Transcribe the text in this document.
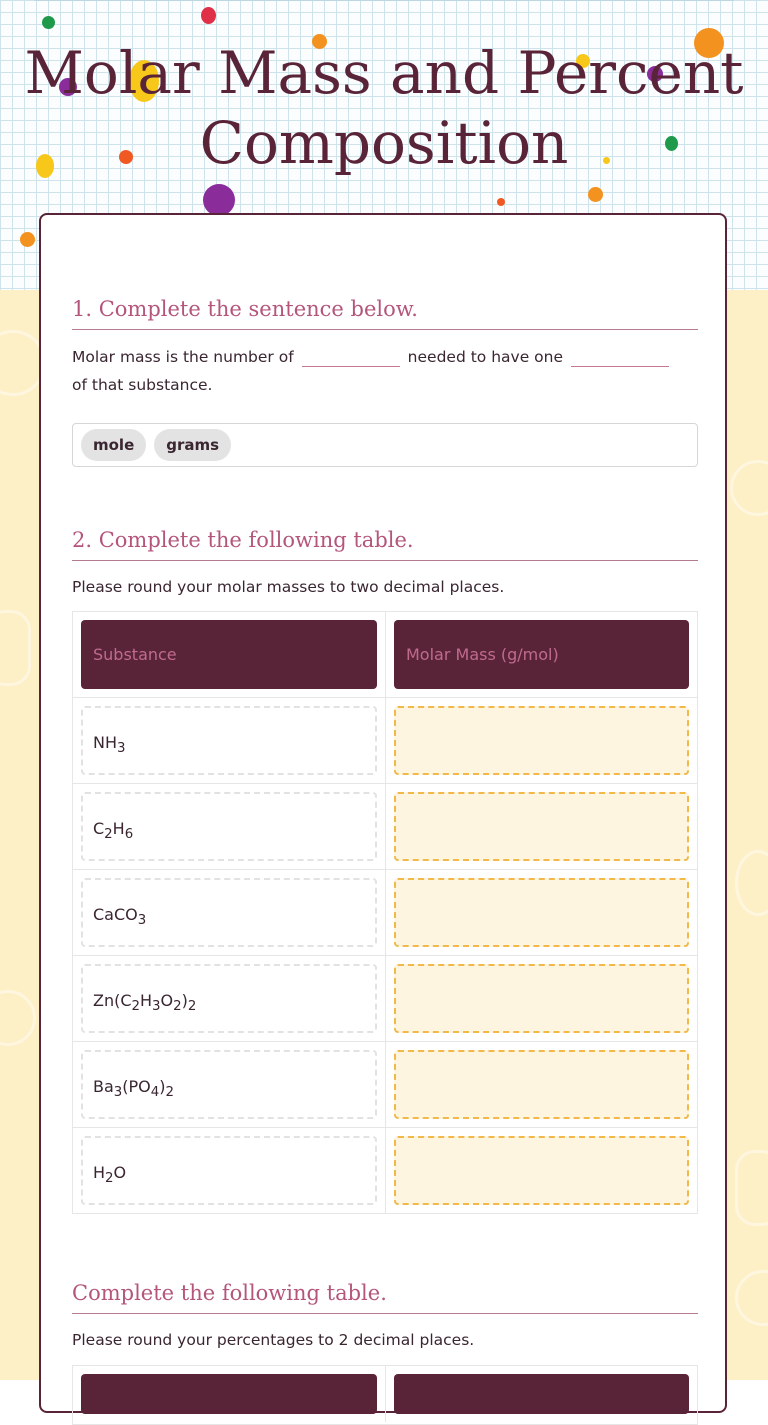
Molar Mass and Percent Composition
1. Complete the sentence below.
Molar mass is the number of	needed to have one
of that substance.
mole grams
2. Complete the following table.
Please round your molar masses to two decimal places.
Substance	Molar Mass (g/mol)
$NH_3$
$C_2H_6$
CaCO$_3$
$Zn(C_2H_3O_2)_2$
$Ba_3(PO_4)_2$
$H_2O$
Complete the following table.
Please round your percentages to 2 decimal places.
